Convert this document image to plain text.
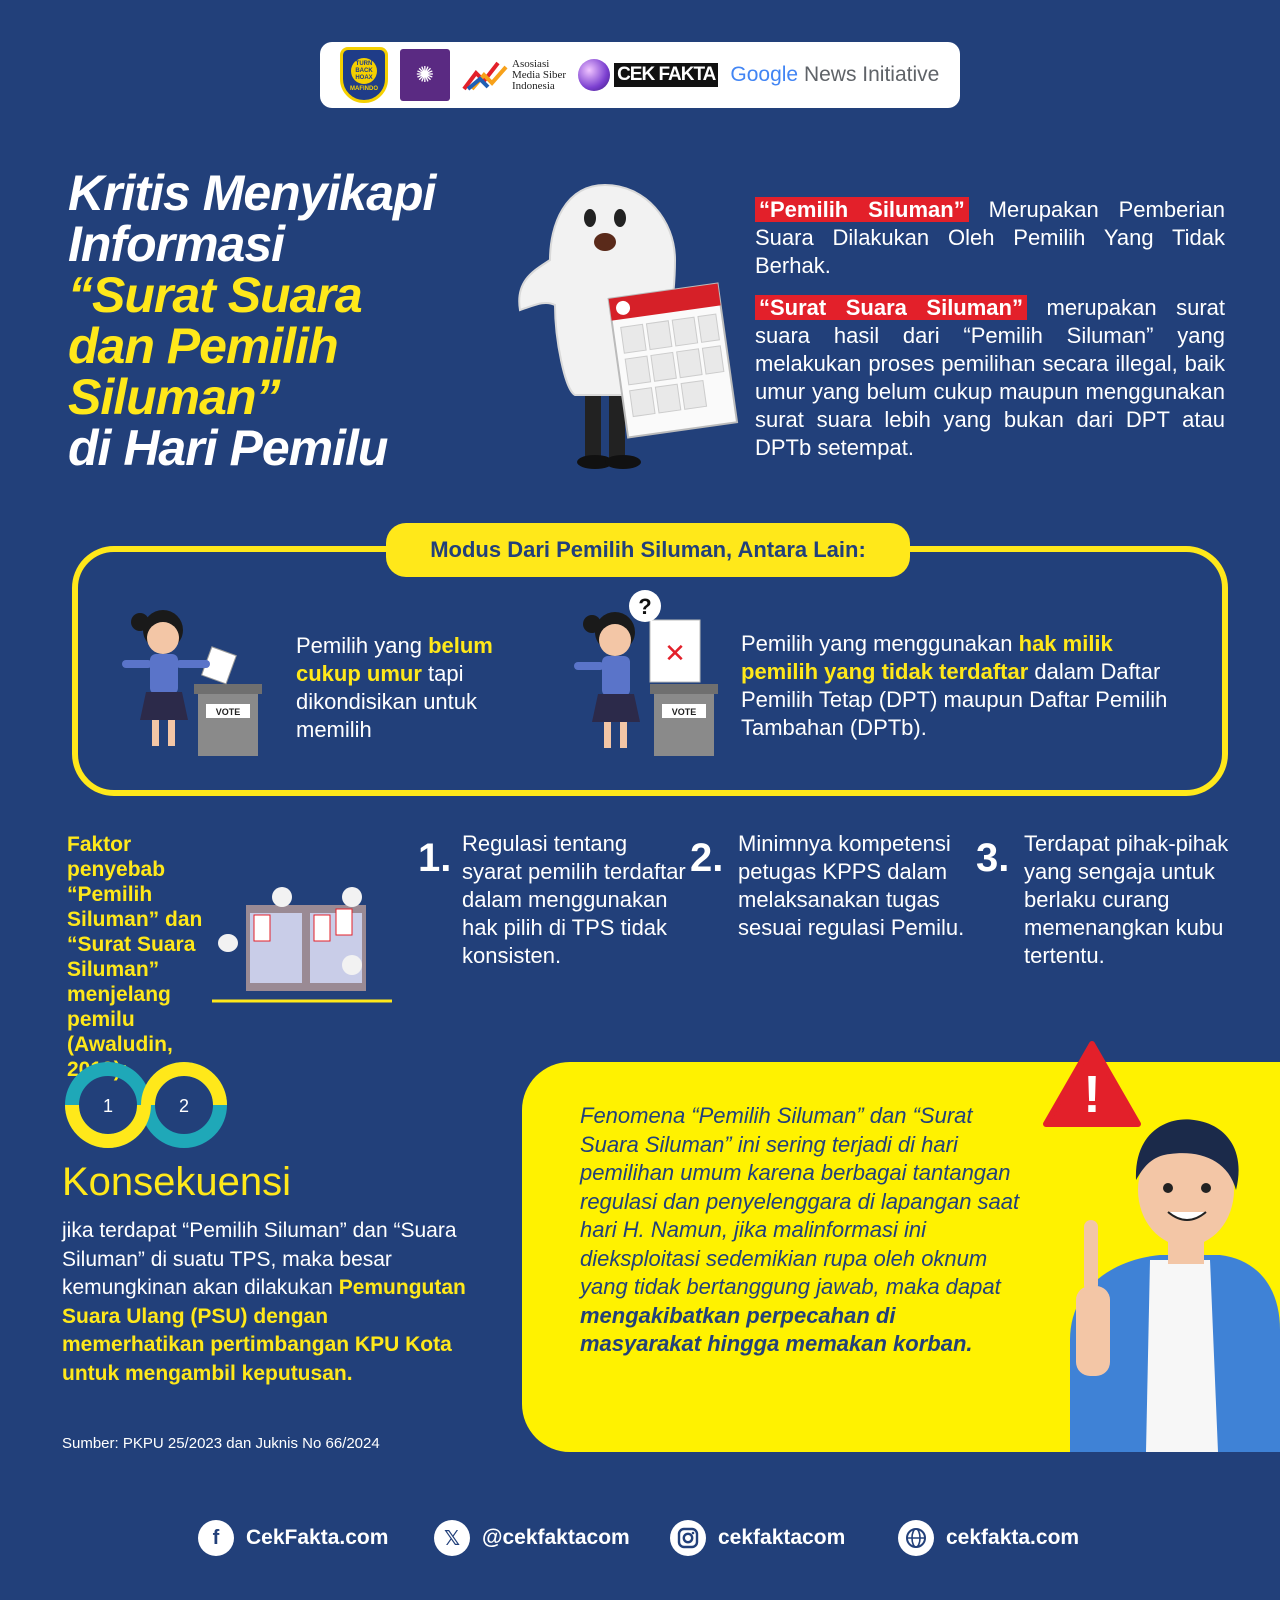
TURN BACK HOAX
MAFINDO
✺	Asosiasi
Media Siber
Indonesia
CEK FAKTA Google News Initiative
Kritis Menyikapi
Informasi
“Surat Suara
dan Pemilih
Siluman”
di Hari Pemilu

“Pemilih Siluman” Merupakan Pemberian Suara Dilakukan Oleh Pemilih Yang Tidak Berhak.

“Surat Suara Siluman” merupakan surat suara hasil dari “Pemilih Siluman” yang melakukan proses pemilihan secara illegal, baik umur yang belum cukup maupun menggunakan surat suara lebih yang bukan dari DPT atau DPTb setempat.

Modus Dari Pemilih Siluman, Antara Lain:
VOTE
Pemilih yang belum cukup umur tapi dikondisikan untuk memilih
VOTE
✕
?
Pemilih yang menggunakan hak milik pemilih yang tidak terdaftar dalam Daftar Pemilih Tetap (DPT) maupun Daftar Pemilih Tambahan (DPTb).
Faktor penyebab “Pemilih Siluman” dan “Surat Suara Siluman” menjelang pemilu (Awaludin, 2019):
1. Regulasi tentang syarat pemilih terdaftar dalam menggunakan hak pilih di TPS tidak konsisten.
2. Minimnya kompetensi petugas KPPS dalam melaksanakan tugas sesuai regulasi Pemilu.
3. Terdapat pihak-pihak yang sengaja untuk berlaku curang memenangkan kubu tertentu.
1	2
Konsekuensi
jika terdapat “Pemilih Siluman” dan “Suara Siluman” di suatu TPS, maka besar kemungkinan akan dilakukan Pemungutan Suara Ulang (PSU) dengan memerhatikan pertimbangan KPU Kota untuk mengambil keputusan.
Sumber: PKPU 25/2023 dan Juknis No 66/2024
Fenomena “Pemilih Siluman” dan “Surat Suara Siluman” ini sering terjadi di hari pemilihan umum karena berbagai tantangan regulasi dan penyelenggara di lapangan saat hari H. Namun, jika malinformasi ini dieksploitasi sedemikian rupa oleh oknum yang tidak bertanggung jawab, maka dapat mengakibatkan perpecahan di masyarakat hingga memakan korban.
!
f	CekFakta.com	𝕏	@cekfaktacom	cekfaktacom	cekfakta.com
